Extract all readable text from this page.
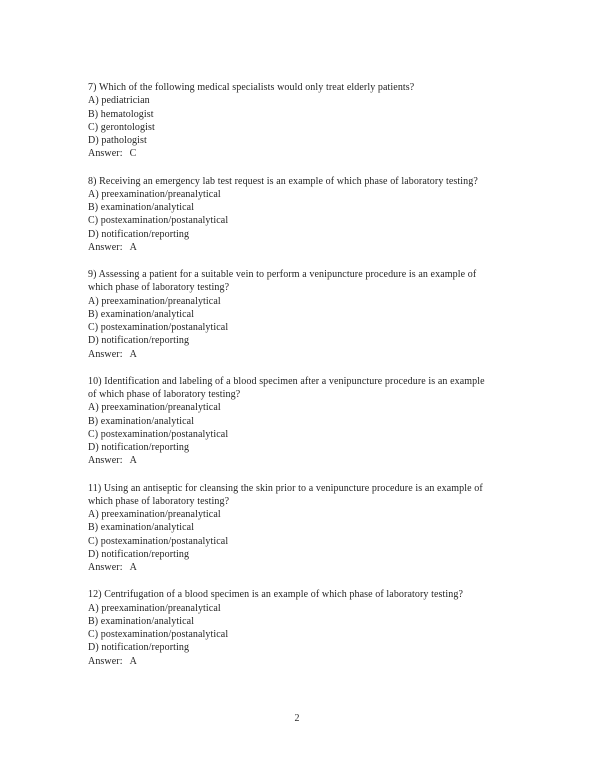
7) Which of the following medical specialists would only treat elderly patients?
A) pediatrician
B) hematologist
C) gerontologist
D) pathologist
Answer: C
8) Receiving an emergency lab test request is an example of which phase of laboratory testing?
A) preexamination/preanalytical
B) examination/analytical
C) postexamination/postanalytical
D) notification/reporting
Answer: A
9) Assessing a patient for a suitable vein to perform a venipuncture procedure is an example of
which phase of laboratory testing?
A) preexamination/preanalytical
B) examination/analytical
C) postexamination/postanalytical
D) notification/reporting
Answer: A
10) Identification and labeling of a blood specimen after a venipuncture procedure is an example
of which phase of laboratory testing?
A) preexamination/preanalytical
B) examination/analytical
C) postexamination/postanalytical
D) notification/reporting
Answer: A
11) Using an antiseptic for cleansing the skin prior to a venipuncture procedure is an example of
which phase of laboratory testing?
A) preexamination/preanalytical
B) examination/analytical
C) postexamination/postanalytical
D) notification/reporting
Answer: A
12) Centrifugation of a blood specimen is an example of which phase of laboratory testing?
A) preexamination/preanalytical
B) examination/analytical
C) postexamination/postanalytical
D) notification/reporting
Answer: A
2
